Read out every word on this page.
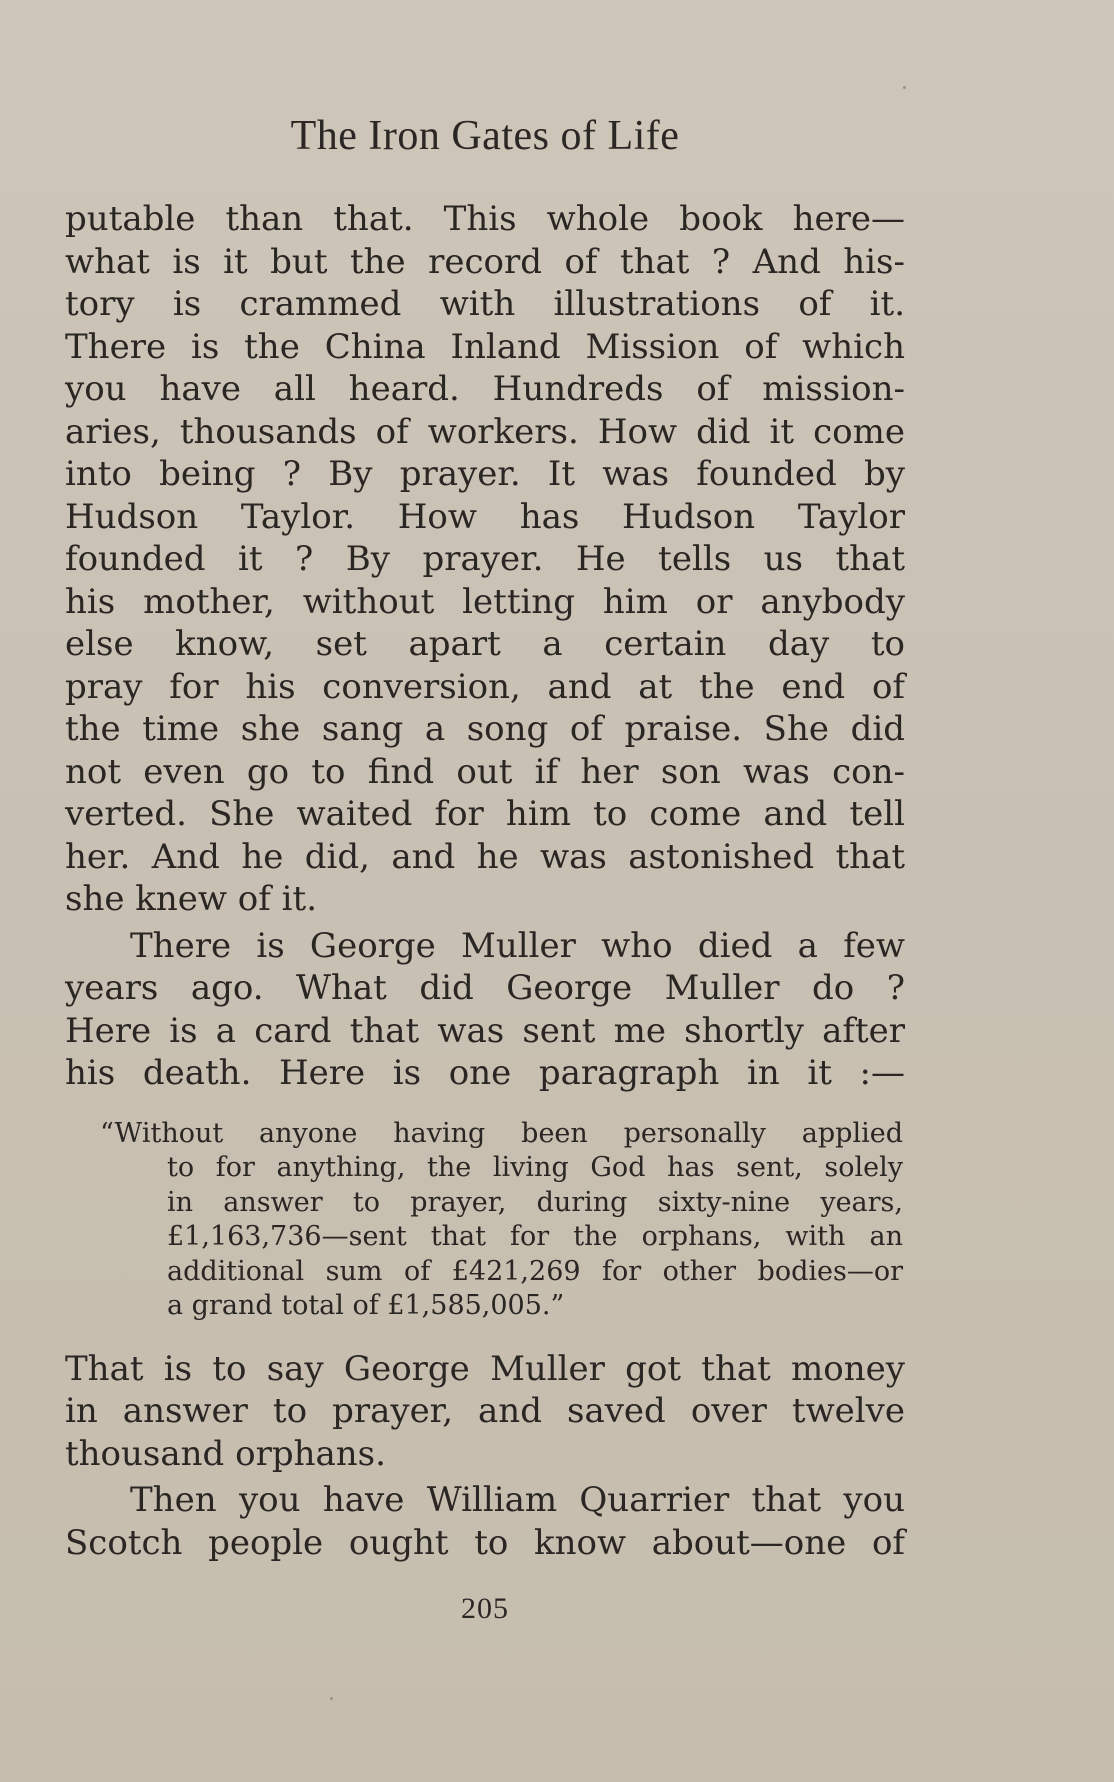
The Iron Gates of Life
putable than that. This whole book here—
what is it but the record of that ? And his-
tory is crammed with illustrations of it.
There is the China Inland Mission of which
you have all heard. Hundreds of mission-
aries, thousands of workers. How did it come
into being ? By prayer. It was founded by
Hudson Taylor. How has Hudson Taylor
founded it ? By prayer. He tells us that
his mother, without letting him or anybody
else know, set apart a certain day to
pray for his conversion, and at the end of
the time she sang a song of praise. She did
not even go to find out if her son was con-
verted. She waited for him to come and tell
her. And he did, and he was astonished that
she knew of it.
There is George Muller who died a few
years ago. What did George Muller do ?
Here is a card that was sent me shortly after
his death. Here is one paragraph in it :—
“Without anyone having been personally applied
to for anything, the living God has sent, solely
in answer to prayer, during sixty-nine years,
£1,163,736—sent that for the orphans, with an
additional sum of £421,269 for other bodies—or
a grand total of £1,585,005.”
That is to say George Muller got that money
in answer to prayer, and saved over twelve
thousand orphans.
Then you have William Quarrier that you
Scotch people ought to know about—one of
205
